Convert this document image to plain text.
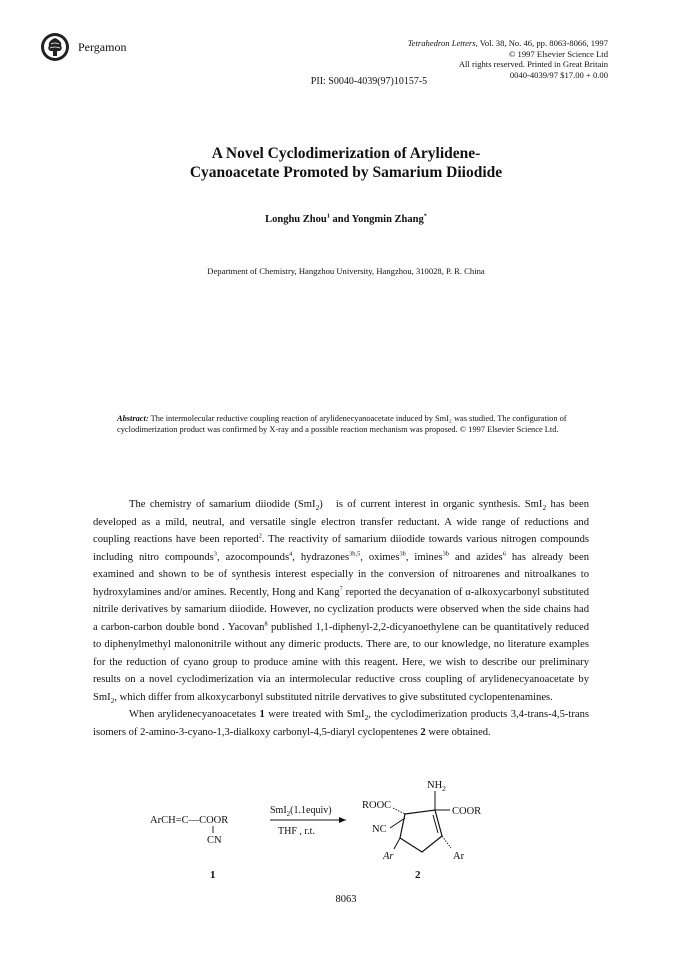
Pergamon	Tetrahedron Letters, Vol. 38, No. 46, pp. 8063-8066, 1997
© 1997 Elsevier Science Ltd
All rights reserved. Printed in Great Britain
0040-4039/97 $17.00 + 0.00
PII: S0040-4039(97)10157-5
A Novel Cyclodimerization of Arylidene-
Cyanoacetate Promoted by Samarium Diiodide
Longhu Zhou$^1$ and Yongmin Zhang*
Department of Chemistry, Hangzhou University, Hangzhou, 310028, P. R. China
Abstract: The intermolecular reductive coupling reaction of arylidenecyanoacetate induced by SmI₂ was studied. The configuration of cyclodimerization product was confirmed by X-ray and a possible reaction mechanism was proposed. © 1997 Elsevier Science Ltd.

The chemistry of samarium diiodide (SmI$_2$)   is of current interest in organic synthesis. SmI$_2$ has been developed as a mild, neutral, and versatile single electron transfer reductant. A wide range of reductions and coupling reactions have been reported$^2$. The reactivity of samarium diiodide towards various nitrogen compounds including nitro compounds$^3$, azocompounds$^4$, hydrazones$^{3b,5}$, oximes$^{3b}$, imines$^{3b}$ and azides$^6$ has already been examined and shown to be of synthesis interest especially in the conversion of nitroarenes and nitroalkanes to hydroxylamines and/or amines. Recently, Hong and Kang$^7$ reported the decyanation of α-alkoxycarbonyl substituted nitrile derivatives by samarium diiodide. However, no cyclization products were observed when the side chains had a carbon-carbon double bond . Yacovan$^8$ published 1,1-diphenyl-2,2-dicyanoethylene can be quantitatively reduced to diphenylmethyl malononitrile without any dimeric products. There are, to our knowledge, no literature examples for the reduction of cyano group to produce amine with this reagent. Here, we wish to describe our preliminary results on a novel cyclodimerization via an intermolecular reductive cross coupling of arylidenecyanoacetate by SmI$_2$, which differ from alkoxycarbonyl substituted nitrile dervatives to give substituted cyclopentenamines.

When arylidenecyanoacetates 1 were treated with SmI$_2$, the cyclodimerization products 3,4-trans-4,5-trans isomers of 2-amino-3-cyano-1,3-dialkoxy carbonyl-4,5-diaryl cyclopentenes 2 were obtained.

ArCH=C—COOR
CN
SmI$_2$(1.1equiv)
THF , r.t.
$NH_2$
COOR
ROOC
NC
Ar	Ar
1	2
8063
